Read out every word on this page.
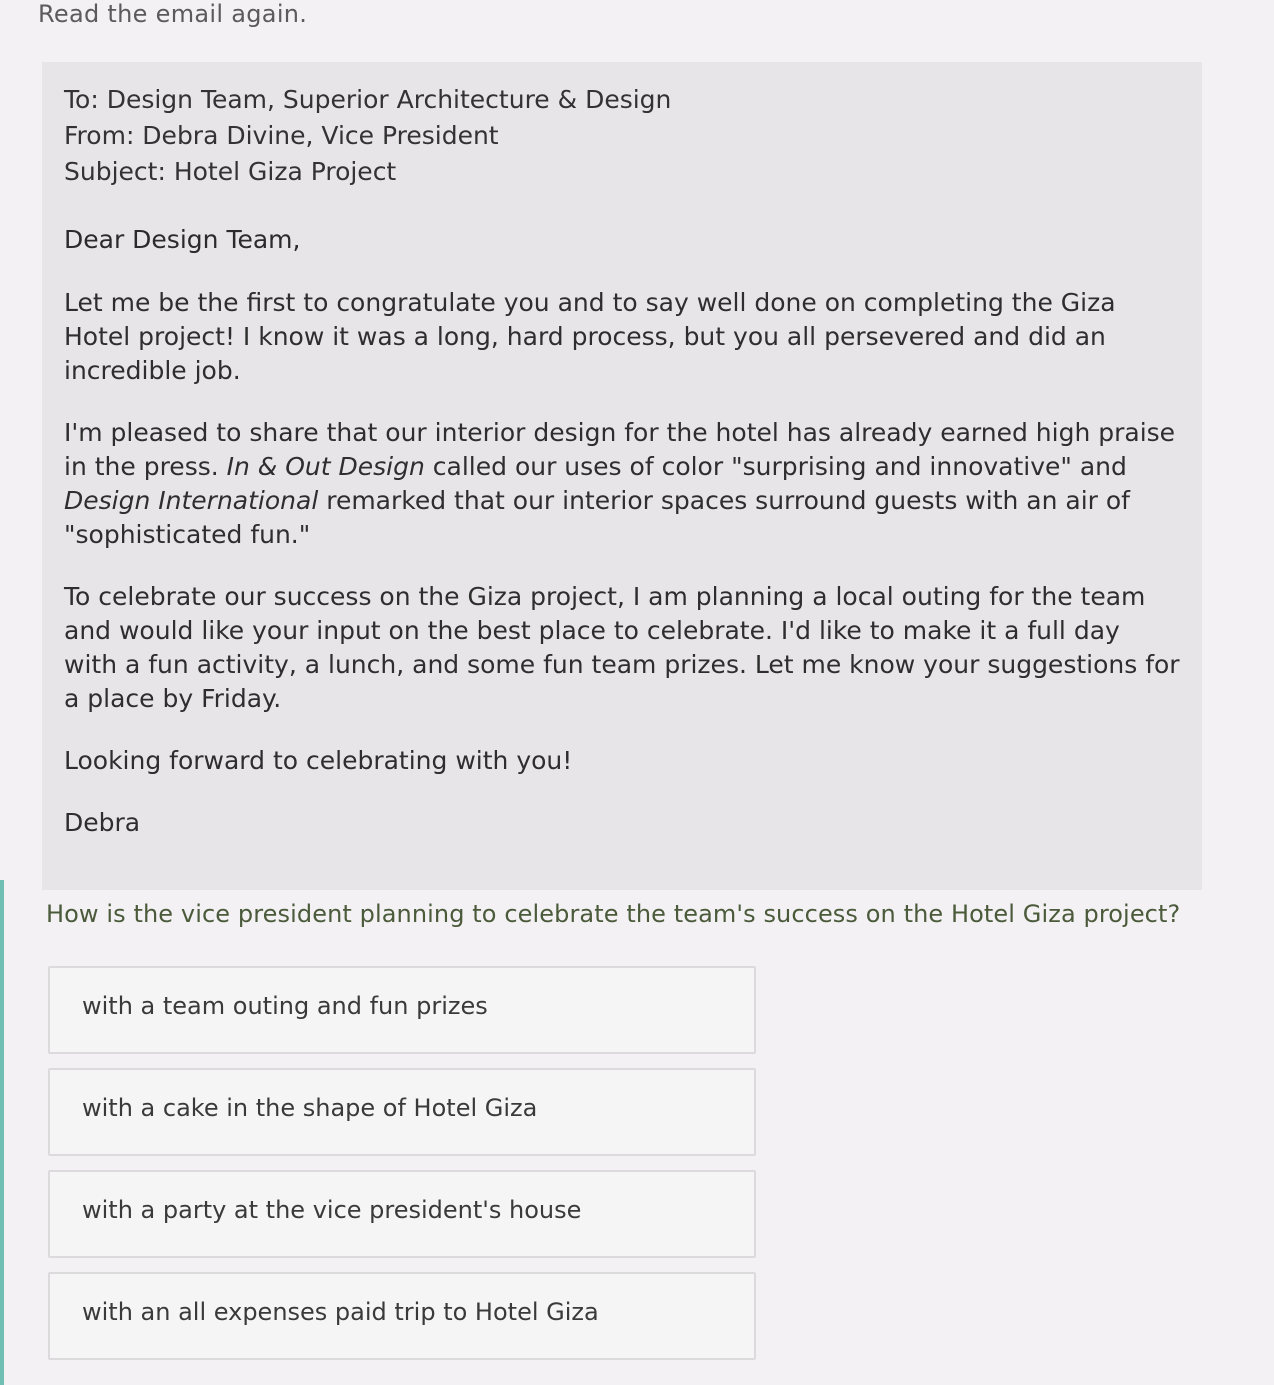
Read the email again.
To: Design Team, Superior Architecture & Design
From: Debra Divine, Vice President
Subject: Hotel Giza Project
Dear Design Team,
Let me be the first to congratulate you and to say well done on completing the Giza Hotel project! I know it was a long, hard process, but you all persevered and did an incredible job.
I'm pleased to share that our interior design for the hotel has already earned high praise in the press. In & Out Design called our uses of color "surprising and innovative" and Design International remarked that our interior spaces surround guests with an air of "sophisticated fun."
To celebrate our success on the Giza project, I am planning a local outing for the team and would like your input on the best place to celebrate. I'd like to make it a full day with a fun activity, a lunch, and some fun team prizes. Let me know your suggestions for a place by Friday.
Looking forward to celebrating with you!
Debra
How is the vice president planning to celebrate the team's success on the Hotel Giza project?
with a team outing and fun prizes
with a cake in the shape of Hotel Giza
with a party at the vice president's house
with an all expenses paid trip to Hotel Giza
